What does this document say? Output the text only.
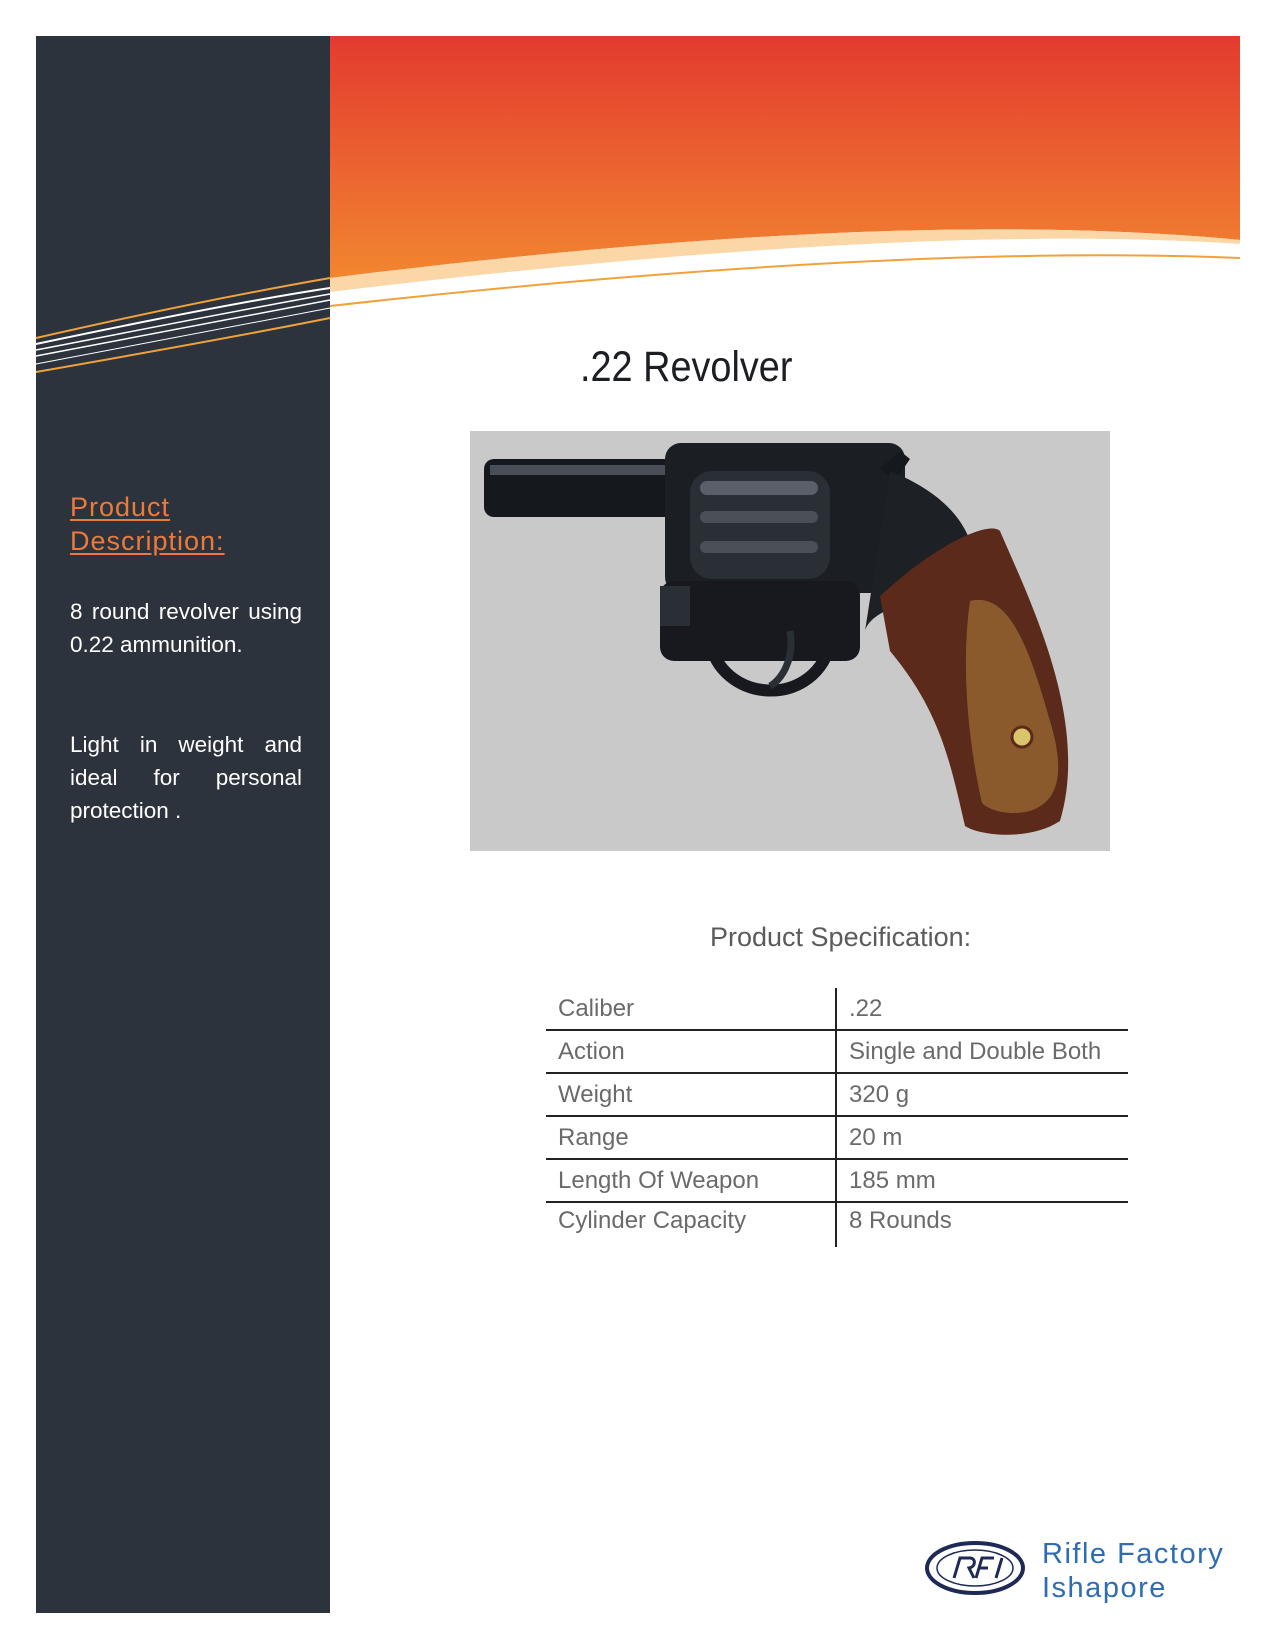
Product Description:
8 round revolver using 0.22 ammunition.
Light in weight and ideal for personal protection .
.22 Revolver
Product Specification:
Caliber	.22
Action	Single and Double Both
Weight	320 g
Range	20 m
Length Of Weapon	185 mm
Cylinder Capacity	8 Rounds
Rifle Factory
Ishapore
